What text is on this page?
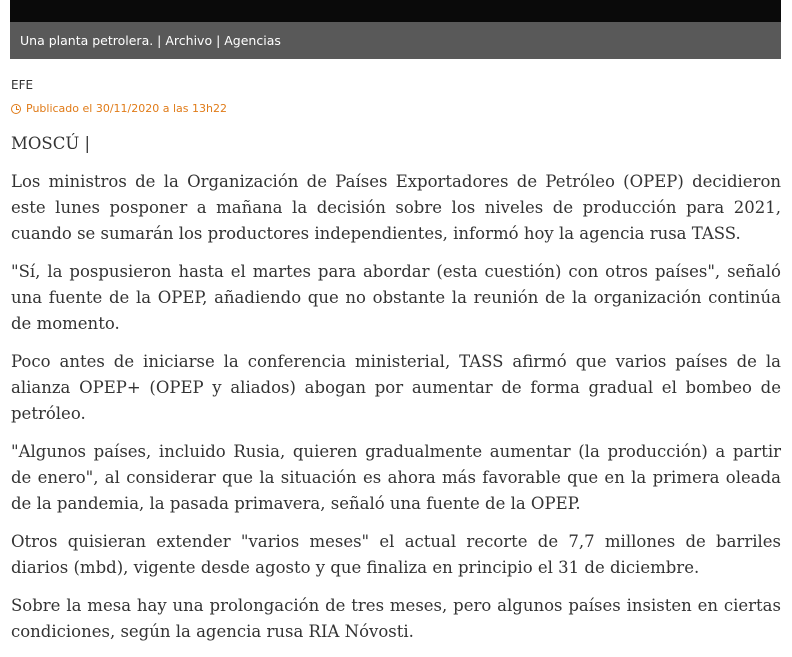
Una planta petrolera. | Archivo | Agencias
EFE
Publicado el 30/11/2020 a las 13h22

MOSCÚ |

Los ministros de la Organización de Países Exportadores de Petróleo (OPEP) decidieron este lunes posponer a mañana la decisión sobre los niveles de producción para 2021, cuando se sumarán los productores independientes, informó hoy la agencia rusa TASS.

"Sí, la pospusieron hasta el martes para abordar (esta cuestión) con otros países", señaló una fuente de la OPEP, añadiendo que no obstante la reunión de la organización continúa de momento.

Poco antes de iniciarse la conferencia ministerial, TASS afirmó que varios países de la alianza OPEP+ (OPEP y aliados) abogan por aumentar de forma gradual el bombeo de petróleo.

"Algunos países, incluido Rusia, quieren gradualmente aumentar (la producción) a partir de enero", al considerar que la situación es ahora más favorable que en la primera oleada de la pandemia, la pasada primavera, señaló una fuente de la OPEP.

Otros quisieran extender "varios meses" el actual recorte de 7,7 millones de barriles diarios (mbd), vigente desde agosto y que finaliza en principio el 31 de diciembre.

Sobre la mesa hay una prolongación de tres meses, pero algunos países insisten en ciertas condiciones, según la agencia rusa RIA Nóvosti.
